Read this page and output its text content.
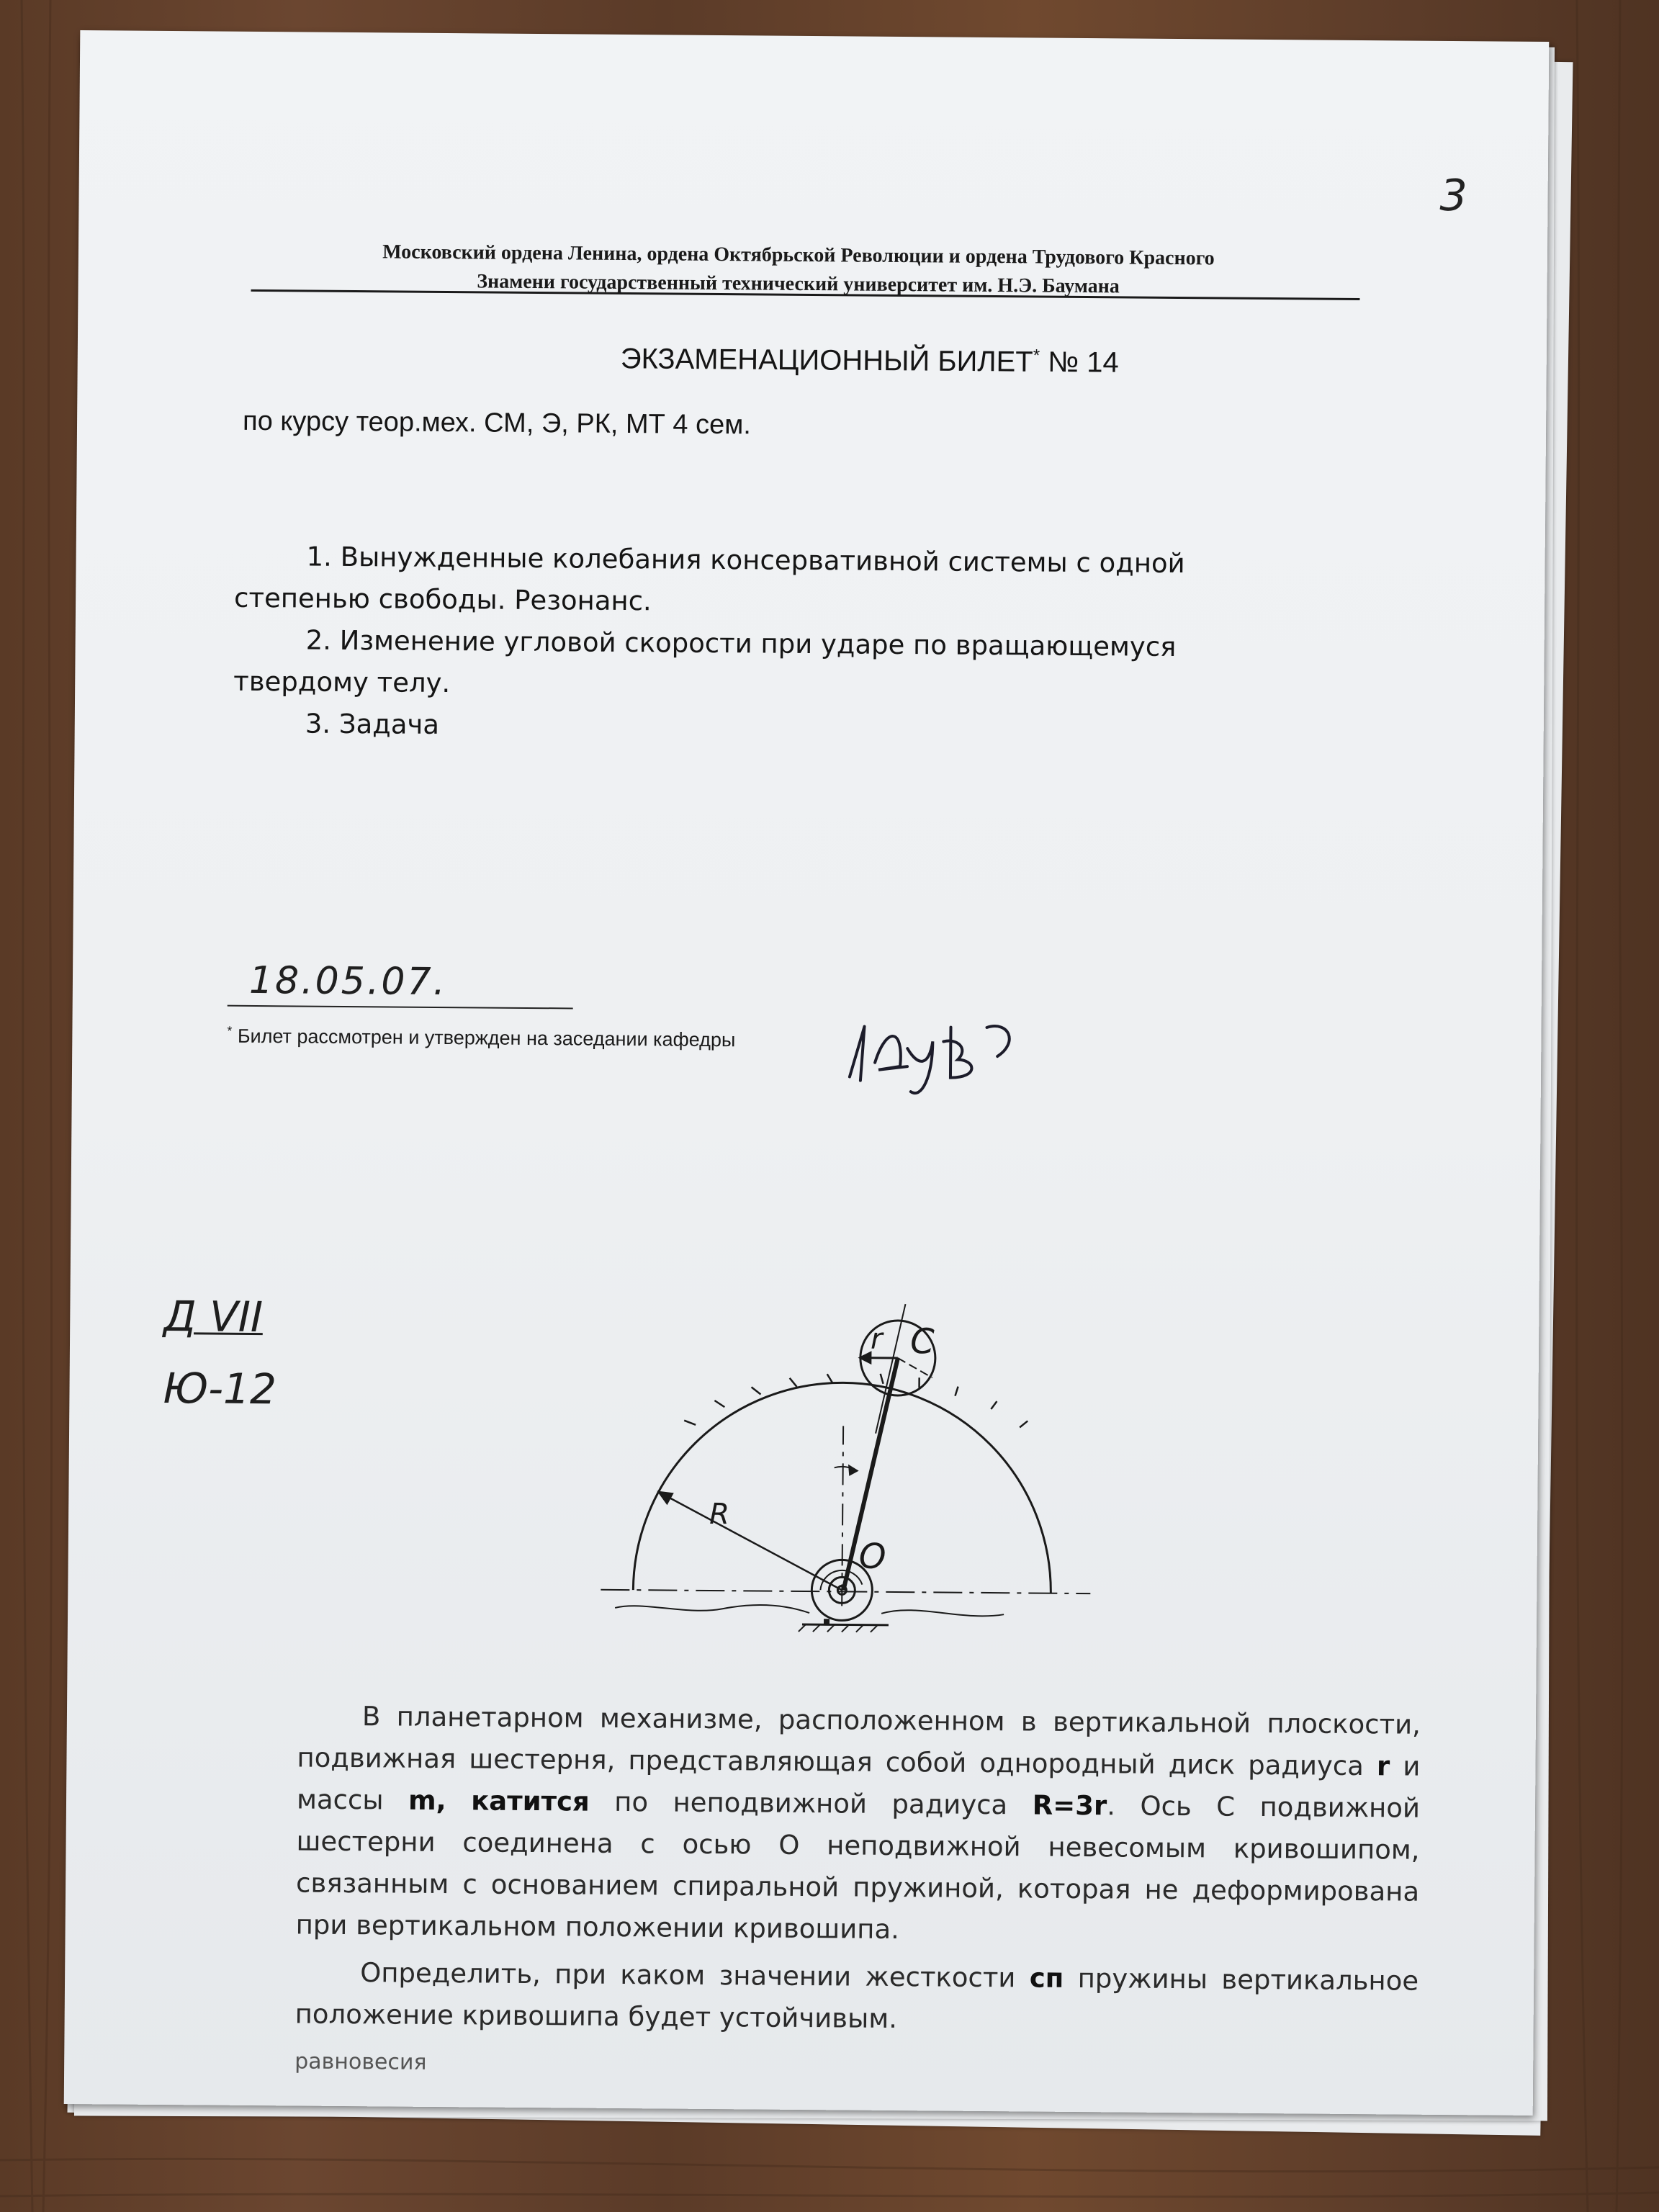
3
Московский ордена Ленина, ордена Октябрьской Революции и ордена Трудового Красного
Знамени государственный технический университет им. Н.Э. Баумана
ЭКЗАМЕНАЦИОННЫЙ БИЛЕТ* № 14
по курсу теор.мех. СМ, Э, РК, МТ 4 сем.

1. Вынужденные колебания консервативной системы с одной
степенью свободы. Резонанс.

2. Изменение угловой скорости при ударе по вращающемуся
твердому телу.

3. Задача

18.05.07.
* Билет рассмотрен и утвержден на заседании кафедры
Д VII
Ю-12
r C
R
O

В планетарном механизме, расположенном в вертикальной плоскости, подвижная шестерня, представляющая собой однородный диск радиуса r и массы m, катится по неподвижной радиуса R=3r. Ось С подвижной шестерни соединена с осью О неподвижной невесомым кривошипом, связанным с основанием спиральной пружиной, которая не деформирована при вертикальном положении кривошипа.

Определить, при каком значении жесткости cп пружины вертикальное положение кривошипа будет устойчивым.

равновесия
